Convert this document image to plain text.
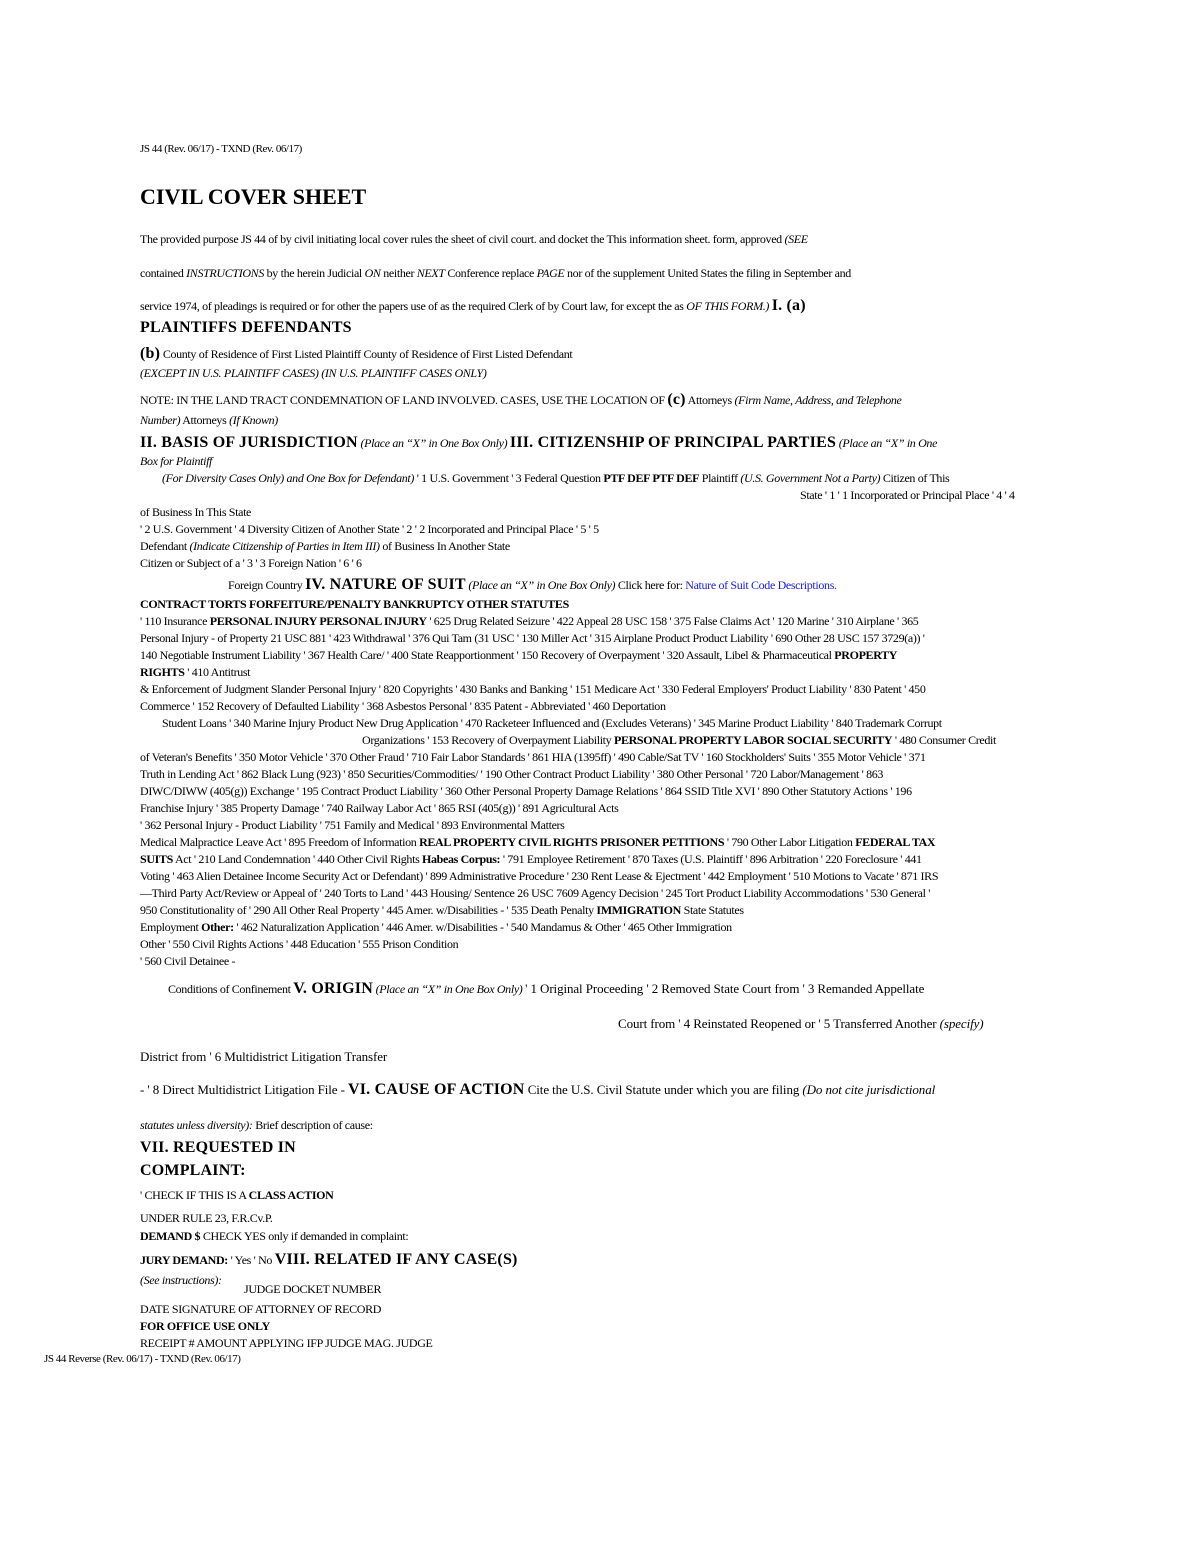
JS 44 (Rev. 06/17) - TXND (Rev. 06/17)
CIVIL COVER SHEET
The provided purpose JS 44 of by civil initiating local cover rules the sheet of civil court. and docket the This information sheet. form, approved (SEE
contained INSTRUCTIONS by the herein Judicial ON neither NEXT Conference replace PAGE nor of the supplement United States the filing in September and
service 1974, of pleadings is required or for other the papers use of as the required Clerk of by Court law, for except the as OF THIS FORM.) I. (a)
PLAINTIFFS DEFENDANTS
(b) County of Residence of First Listed Plaintiff County of Residence of First Listed Defendant
(EXCEPT IN U.S. PLAINTIFF CASES) (IN U.S. PLAINTIFF CASES ONLY)
NOTE: IN THE LAND TRACT CONDEMNATION OF LAND INVOLVED. CASES, USE THE LOCATION OF (c) Attorneys (Firm Name, Address, and Telephone
Number) Attorneys (If Known)
II. BASIS OF JURISDICTION (Place an “X” in One Box Only) III. CITIZENSHIP OF PRINCIPAL PARTIES (Place an “X” in One
Box for Plaintiff
(For Diversity Cases Only) and One Box for Defendant) ' 1 U.S. Government ' 3 Federal Question PTF DEF PTF DEF Plaintiff (U.S. Government Not a Party) Citizen of This
State ' 1 ' 1 Incorporated or Principal Place ' 4 ' 4
of Business In This State
' 2 U.S. Government ' 4 Diversity Citizen of Another State ' 2 ' 2 Incorporated and Principal Place ' 5 ' 5
Defendant (Indicate Citizenship of Parties in Item III) of Business In Another State
Citizen or Subject of a ' 3 ' 3 Foreign Nation ' 6 ' 6
Foreign Country IV. NATURE OF SUIT (Place an “X” in One Box Only) Click here for: Nature of Suit Code Descriptions.
CONTRACT TORTS FORFEITURE/PENALTY BANKRUPTCY OTHER STATUTES
' 110 Insurance PERSONAL INJURY PERSONAL INJURY ' 625 Drug Related Seizure ' 422 Appeal 28 USC 158 ' 375 False Claims Act ' 120 Marine ' 310 Airplane ' 365
Personal Injury - of Property 21 USC 881 ' 423 Withdrawal ' 376 Qui Tam (31 USC ' 130 Miller Act ' 315 Airplane Product Product Liability ' 690 Other 28 USC 157 3729(a)) '
140 Negotiable Instrument Liability ' 367 Health Care/ ' 400 State Reapportionment ' 150 Recovery of Overpayment ' 320 Assault, Libel & Pharmaceutical PROPERTY
RIGHTS ' 410 Antitrust
& Enforcement of Judgment Slander Personal Injury ' 820 Copyrights ' 430 Banks and Banking ' 151 Medicare Act ' 330 Federal Employers' Product Liability ' 830 Patent ' 450
Commerce ' 152 Recovery of Defaulted Liability ' 368 Asbestos Personal ' 835 Patent - Abbreviated ' 460 Deportation
Student Loans ' 340 Marine Injury Product New Drug Application ' 470 Racketeer Influenced and (Excludes Veterans) ' 345 Marine Product Liability ' 840 Trademark Corrupt
Organizations ' 153 Recovery of Overpayment Liability PERSONAL PROPERTY LABOR SOCIAL SECURITY ' 480 Consumer Credit
of Veteran's Benefits ' 350 Motor Vehicle ' 370 Other Fraud ' 710 Fair Labor Standards ' 861 HIA (1395ff) ' 490 Cable/Sat TV ' 160 Stockholders' Suits ' 355 Motor Vehicle ' 371
Truth in Lending Act ' 862 Black Lung (923) ' 850 Securities/Commodities/ ' 190 Other Contract Product Liability ' 380 Other Personal ' 720 Labor/Management ' 863
DIWC/DIWW (405(g)) Exchange ' 195 Contract Product Liability ' 360 Other Personal Property Damage Relations ' 864 SSID Title XVI ' 890 Other Statutory Actions ' 196
Franchise Injury ' 385 Property Damage ' 740 Railway Labor Act ' 865 RSI (405(g)) ' 891 Agricultural Acts
' 362 Personal Injury - Product Liability ' 751 Family and Medical ' 893 Environmental Matters
Medical Malpractice Leave Act ' 895 Freedom of Information REAL PROPERTY CIVIL RIGHTS PRISONER PETITIONS ' 790 Other Labor Litigation FEDERAL TAX
SUITS Act ' 210 Land Condemnation ' 440 Other Civil Rights Habeas Corpus: ' 791 Employee Retirement ' 870 Taxes (U.S. Plaintiff ' 896 Arbitration ' 220 Foreclosure ' 441
Voting ' 463 Alien Detainee Income Security Act or Defendant) ' 899 Administrative Procedure ' 230 Rent Lease & Ejectment ' 442 Employment ' 510 Motions to Vacate ' 871 IRS
—Third Party Act/Review or Appeal of ' 240 Torts to Land ' 443 Housing/ Sentence 26 USC 7609 Agency Decision ' 245 Tort Product Liability Accommodations ' 530 General '
950 Constitutionality of ' 290 All Other Real Property ' 445 Amer. w/Disabilities - ' 535 Death Penalty IMMIGRATION State Statutes
Employment Other: ' 462 Naturalization Application ' 446 Amer. w/Disabilities - ' 540 Mandamus & Other ' 465 Other Immigration
Other ' 550 Civil Rights Actions ' 448 Education ' 555 Prison Condition
' 560 Civil Detainee -
Conditions of Confinement V. ORIGIN (Place an “X” in One Box Only) ' 1 Original Proceeding ' 2 Removed State Court from ' 3 Remanded Appellate
Court from ' 4 Reinstated Reopened or ' 5 Transferred Another (specify)
District from ' 6 Multidistrict Litigation Transfer
- ' 8 Direct Multidistrict Litigation File - VI. CAUSE OF ACTION Cite the U.S. Civil Statute under which you are filing (Do not cite jurisdictional
statutes unless diversity): Brief description of cause:
VII. REQUESTED IN
COMPLAINT:
' CHECK IF THIS IS A CLASS ACTION
UNDER RULE 23, F.R.Cv.P.
DEMAND $ CHECK YES only if demanded in complaint:
JURY DEMAND: ' Yes ' No VIII. RELATED IF ANY CASE(S)
(See instructions):
JUDGE DOCKET NUMBER
DATE SIGNATURE OF ATTORNEY OF RECORD
FOR OFFICE USE ONLY
RECEIPT # AMOUNT APPLYING IFP JUDGE MAG. JUDGE
JS 44 Reverse (Rev. 06/17) - TXND (Rev. 06/17)
